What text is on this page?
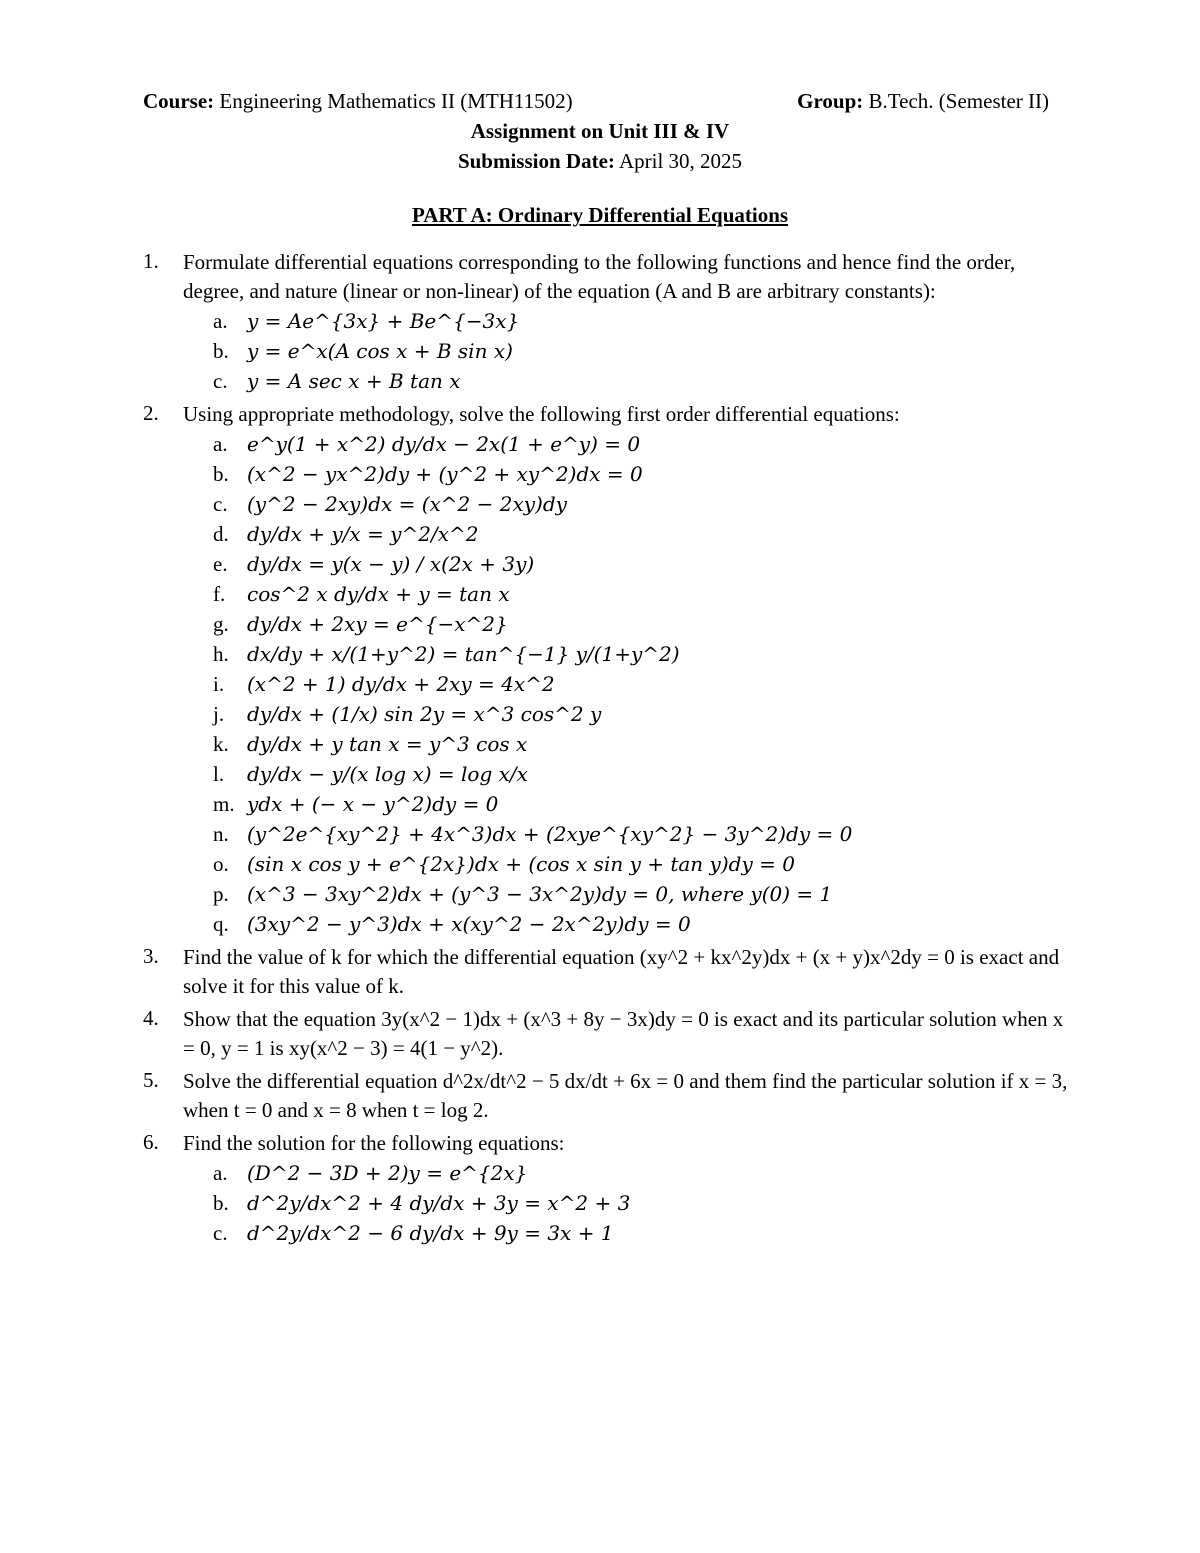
Course: Engineering Mathematics II (MTH11502)	Group: B.Tech. (Semester II)
Assignment on Unit III & IV
Submission Date: April 30, 2025
PART A: Ordinary Differential Equations
1. Formulate differential equations corresponding to the following functions and hence find the order, degree, and nature (linear or non-linear) of the equation (A and B are arbitrary constants):
a. y = Ae^{3x} + Be^{−3x}
b. y = e^x(A cos x + B sin x)
c. y = A sec x + B tan x
2. Using appropriate methodology, solve the following first order differential equations:
a. e^y(1 + x^2) dy/dx − 2x(1 + e^y) = 0
b. (x^2 − yx^2)dy + (y^2 + xy^2)dx = 0
c. (y^2 − 2xy)dx = (x^2 − 2xy)dy
d. dy/dx + y/x = y^2/x^2
e. dy/dx = y(x − y) / x(2x + 3y)
f.	cos^2 x dy/dx + y = tan x
g. dy/dx + 2xy = e^{−x^2}
h. dx/dy + x/(1+y^2) = tan^{−1} y/(1+y^2)
i.	(x^2 + 1) dy/dx + 2xy = 4x^2
j.	dy/dx + (1/x) sin 2y = x^3 cos^2 y
k. dy/dx + y tan x = y^3 cos x
l.	dy/dx − y/(x log x) = log x/x
m. ydx + (− x − y^2)dy = 0
n. (y^2e^{xy^2} + 4x^3)dx + (2xye^{xy^2} − 3y^2)dy = 0
o. (sin x cos y + e^{2x})dx + (cos x sin y + tan y)dy = 0
p. (x^3 − 3xy^2)dx + (y^3 − 3x^2y)dy = 0, where y(0) = 1
q. (3xy^2 − y^3)dx + x(xy^2 − 2x^2y)dy = 0
3. Find the value of k for which the differential equation (xy^2 + kx^2y)dx + (x + y)x^2dy = 0 is exact and solve it for this value of k.
4. Show that the equation 3y(x^2 − 1)dx + (x^3 + 8y − 3x)dy = 0 is exact and its particular solution when x = 0, y = 1 is xy(x^2 − 3) = 4(1 − y^2).
5. Solve the differential equation d^2x/dt^2 − 5 dx/dt + 6x = 0 and them find the particular solution if x = 3, when t = 0 and x = 8 when t = log 2.
6. Find the solution for the following equations:
a. (D^2 − 3D + 2)y = e^{2x}
b. d^2y/dx^2 + 4 dy/dx + 3y = x^2 + 3
c. d^2y/dx^2 − 6 dy/dx + 9y = 3x + 1
